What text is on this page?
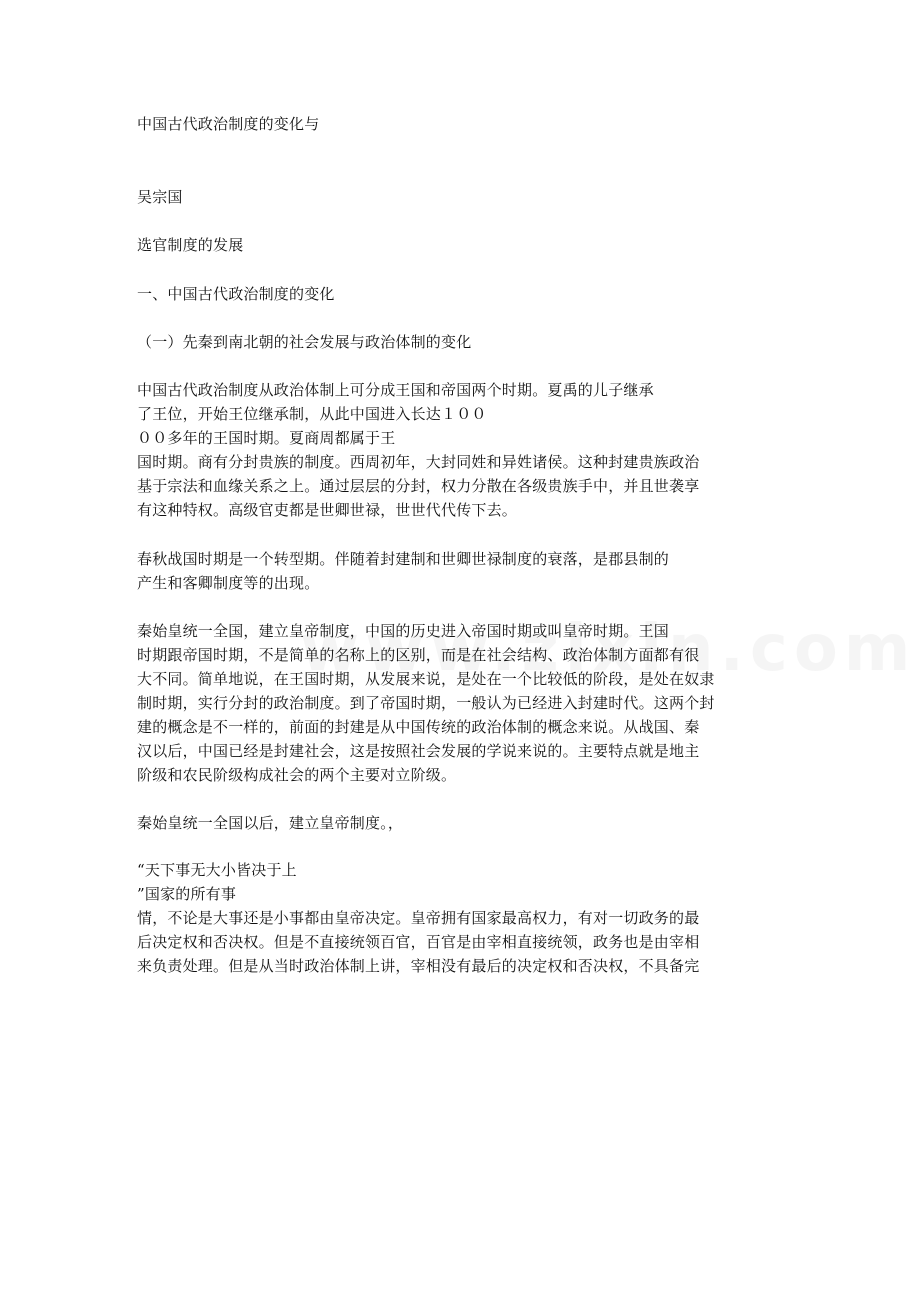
中国古代政治制度的变化与
吴宗国
选官制度的发展
一、中国古代政治制度的变化
（一）先秦到南北朝的社会发展与政治体制的变化
中国古代政治制度从政治体制上可分成王国和帝国两个时期。夏禹的儿子继承
了王位，开始王位继承制，从此中国进入长达１００
００多年的王国时期。夏商周都属于王
国时期。商有分封贵族的制度。西周初年，大封同姓和异姓诸侯。这种封建贵族政治
基于宗法和血缘关系之上。通过层层的分封，权力分散在各级贵族手中，并且世袭享
有这种特权。高级官吏都是世卿世禄，世世代代传下去。
春秋战国时期是一个转型期。伴随着封建制和世卿世禄制度的衰落，是郡县制的
产生和客卿制度等的出现。
秦始皇统一全国，建立皇帝制度，中国的历史进入帝国时期或叫皇帝时期。王国
时期跟帝国时期，不是简单的名称上的区别，而是在社会结构、政治体制方面都有很
大不同。简单地说，在王国时期，从发展来说，是处在一个比较低的阶段，是处在奴隶
制时期，实行分封的政治制度。到了帝国时期，一般认为已经进入封建时代。这两个封
建的概念是不一样的，前面的封建是从中国传统的政治体制的概念来说。从战国、秦
汉以后，中国已经是封建社会，这是按照社会发展的学说来说的。主要特点就是地主
阶级和农民阶级构成社会的两个主要对立阶级。
秦始皇统一全国以后，建立皇帝制度。，
“天下事无大小皆决于上
”国家的所有事
情，不论是大事还是小事都由皇帝决定。皇帝拥有国家最高权力，有对一切政务的最
后决定权和否决权。但是不直接统领百官，百官是由宰相直接统领，政务也是由宰相
来负责处理。但是从当时政治体制上讲，宰相没有最后的决定权和否决权，不具备完
